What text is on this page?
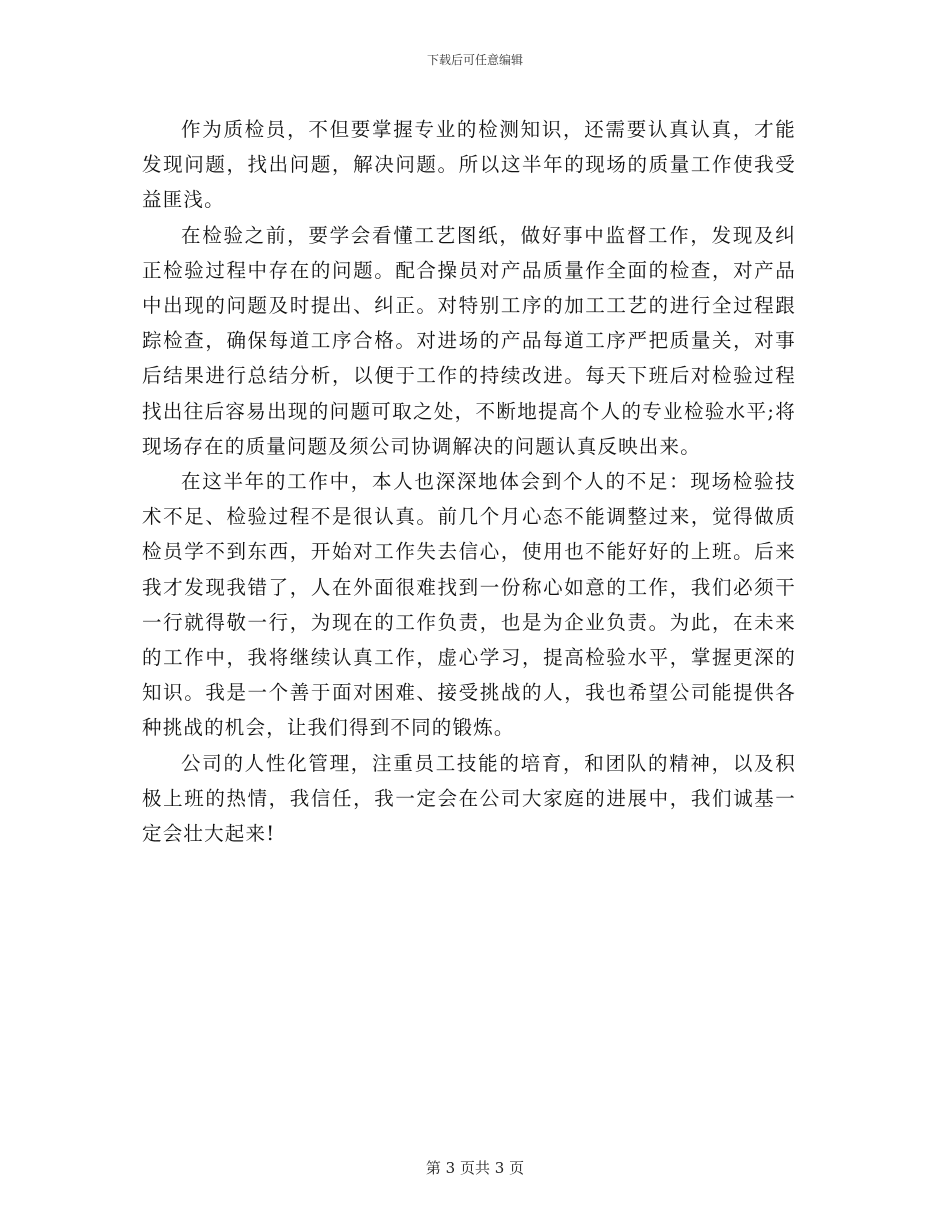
下载后可任意编辑

作为质检员，不但要掌握专业的检测知识，还需要认真认真，才能发现问题，找出问题，解决问题。所以这半年的现场的质量工作使我受益匪浅。

在检验之前，要学会看懂工艺图纸，做好事中监督工作，发现及纠正检验过程中存在的问题。配合操员对产品质量作全面的检查，对产品中出现的问题及时提出、纠正。对特别工序的加工工艺的进行全过程跟踪检查，确保每道工序合格。对进场的产品每道工序严把质量关，对事后结果进行总结分析，以便于工作的持续改进。每天下班后对检验过程找出往后容易出现的问题可取之处，不断地提高个人的专业检验水平;将现场存在的质量问题及须公司协调解决的问题认真反映出来。

在这半年的工作中，本人也深深地体会到个人的不足：现场检验技术不足、检验过程不是很认真。前几个月心态不能调整过来，觉得做质检员学不到东西，开始对工作失去信心，使用也不能好好的上班。后来我才发现我错了，人在外面很难找到一份称心如意的工作，我们必须干一行就得敬一行，为现在的工作负责，也是为企业负责。为此，在未来的工作中，我将继续认真工作，虚心学习，提高检验水平，掌握更深的知识。我是一个善于面对困难、接受挑战的人，我也希望公司能提供各种挑战的机会，让我们得到不同的锻炼。

公司的人性化管理，注重员工技能的培育，和团队的精神，以及积极上班的热情，我信任，我一定会在公司大家庭的进展中，我们诚基一定会壮大起来!

第 3 页共 3 页
